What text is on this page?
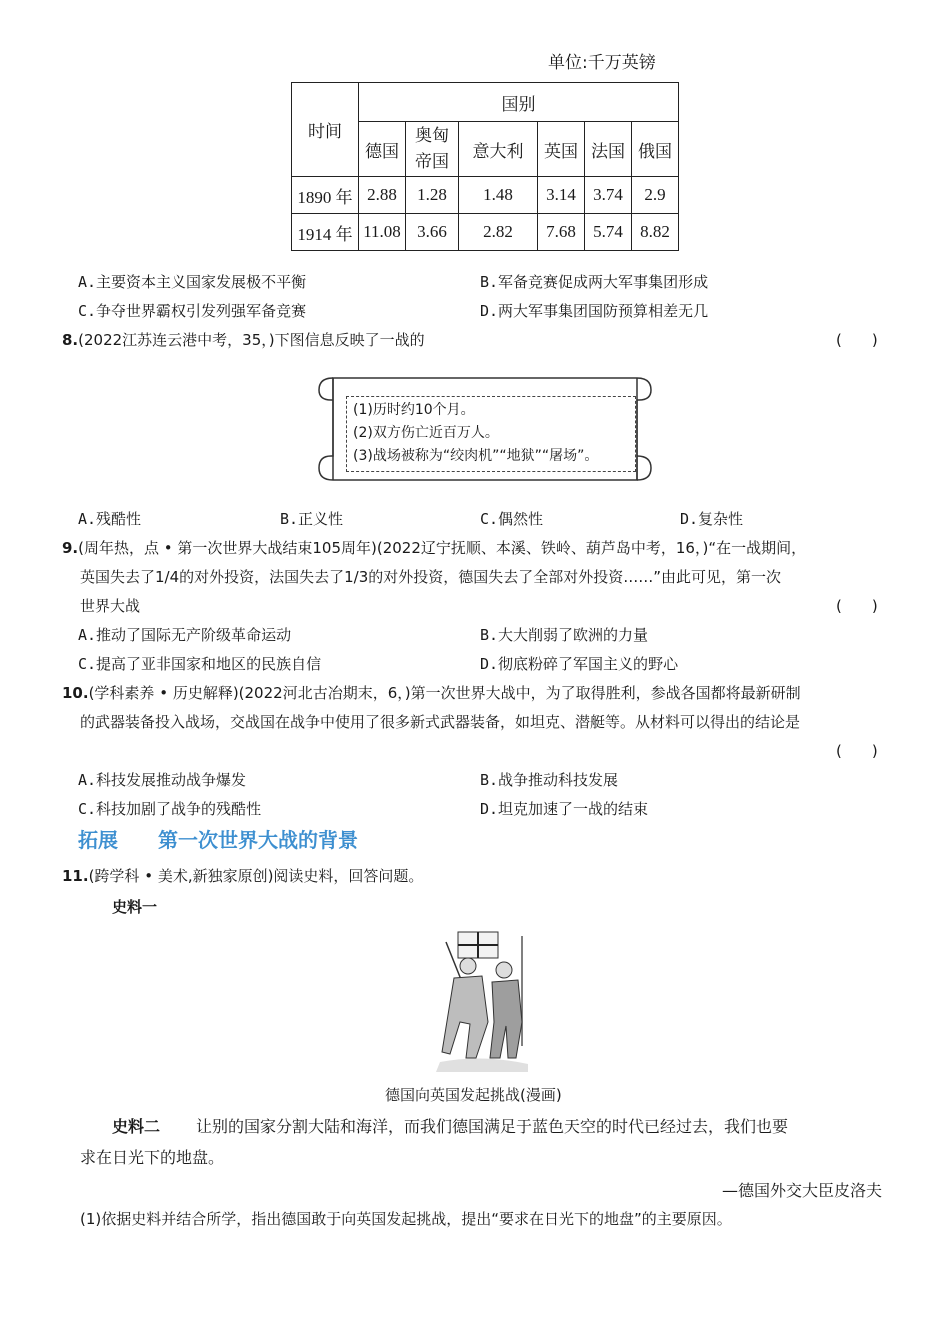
单位:千万英镑
时间	国别					
	德国	奥匈帝国	意大利	英国	法国	俄国
1890 年	2.88	1.28	1.48	3.14	3.74	2.9
1914 年	11.08	3.66	2.82	7.68	5.74	8.82
A.主要资本主义国家发展极不平衡	B.军备竞赛促成两大军事集团形成
C.争夺世界霸权引发列强军备竞赛	D.两大军事集团国防预算相差无几
8.(2022江苏连云港中考，35，)下图信息反映了一战的	(　　)
(1)历时约10个月。
(2)双方伤亡近百万人。
(3)战场被称为“绞肉机”“地狱”“屠场”。
A.残酷性	B.正义性	C.偶然性	D.复杂性
9.(周年热，点 • 第一次世界大战结束105周年)(2022辽宁抚顺、本溪、铁岭、葫芦岛中考，16，)“在一战期间，
英国失去了1/4的对外投资，法国失去了1/3的对外投资，德国失去了全部对外投资……”由此可见，第一次
世界大战	(　　)
A.推动了国际无产阶级革命运动	B.大大削弱了欧洲的力量
C.提高了亚非国家和地区的民族自信	D.彻底粉碎了军国主义的野心
10.(学科素养 • 历史解释)(2022河北古冶期末，6，)第一次世界大战中，为了取得胜利，参战各国都将最新研制
的武器装备投入战场，交战国在战争中使用了很多新式武器装备，如坦克、潜艇等。从材料可以得出的结论是
(　　)
A.科技发展推动战争爆发	B.战争推动科技发展
C.科技加剧了战争的残酷性	D.坦克加速了一战的结束
拓展 第一次世界大战的背景
11.(跨学科 • 美术,新独家原创)阅读史料，回答问题。
史料一
德国向英国发起挑战(漫画)
史料二 让别的国家分割大陆和海洋，而我们德国满足于蓝色天空的时代已经过去，我们也要
求在日光下的地盘。
—德国外交大臣皮洛夫
(1)依据史料并结合所学，指出德国敢于向英国发起挑战，提出“要求在日光下的地盘”的主要原因。
